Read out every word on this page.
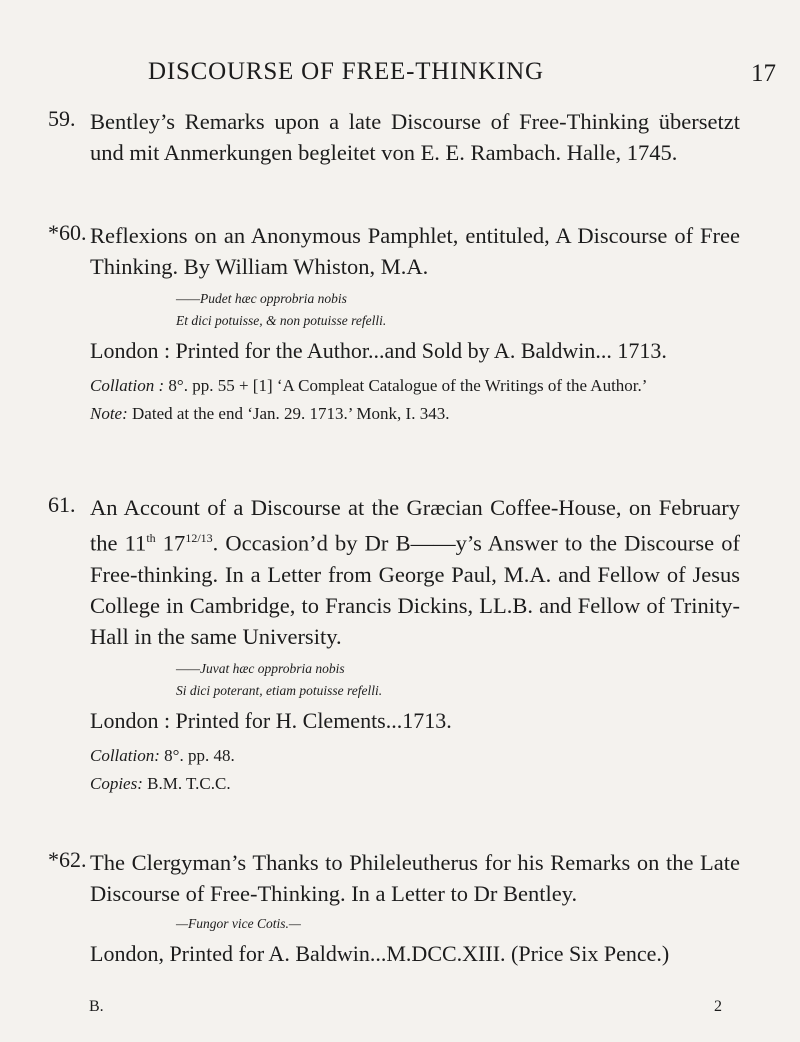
DISCOURSE OF FREE-THINKING	17
59. Bentley’s Remarks upon a late Discourse of Free-Thinking übersetzt und mit Anmerkungen begleitet von E. E. Rambach. Halle, 1745.
*60. Reflexions on an Anonymous Pamphlet, entituled, A Discourse of Free Thinking. By William Whiston, M.A.
——Pudet hæc opprobria nobis
Et dici potuisse, & non potuisse refelli.
London : Printed for the Author...and Sold by A. Baldwin... 1713.
Collation : 8°. pp. 55 + [1] ‘A Compleat Catalogue of the Writings of the Author.’
Note: Dated at the end ‘Jan. 29. 1713.’ Monk, I. 343.
61. An Account of a Discourse at the Græcian Coffee-House, on February the 11th $17^{12/13}$. Occasion’d by Dr B——y’s Answer to the Discourse of Free-thinking. In a Letter from George Paul, M.A. and Fellow of Jesus College in Cambridge, to Francis Dickins, LL.B. and Fellow of Trinity-Hall in the same University.
——Juvat hæc opprobria nobis
Si dici poterant, etiam potuisse refelli.
London : Printed for H. Clements...1713.
Collation: 8°. pp. 48.
Copies: B.M. T.C.C.
*62. The Clergyman’s Thanks to Phileleutherus for his Remarks on the Late Discourse of Free-Thinking. In a Letter to Dr Bentley.
—Fungor vice Cotis.—
London, Printed for A. Baldwin...M.DCC.XIII. (Price Six Pence.)
B.	2
